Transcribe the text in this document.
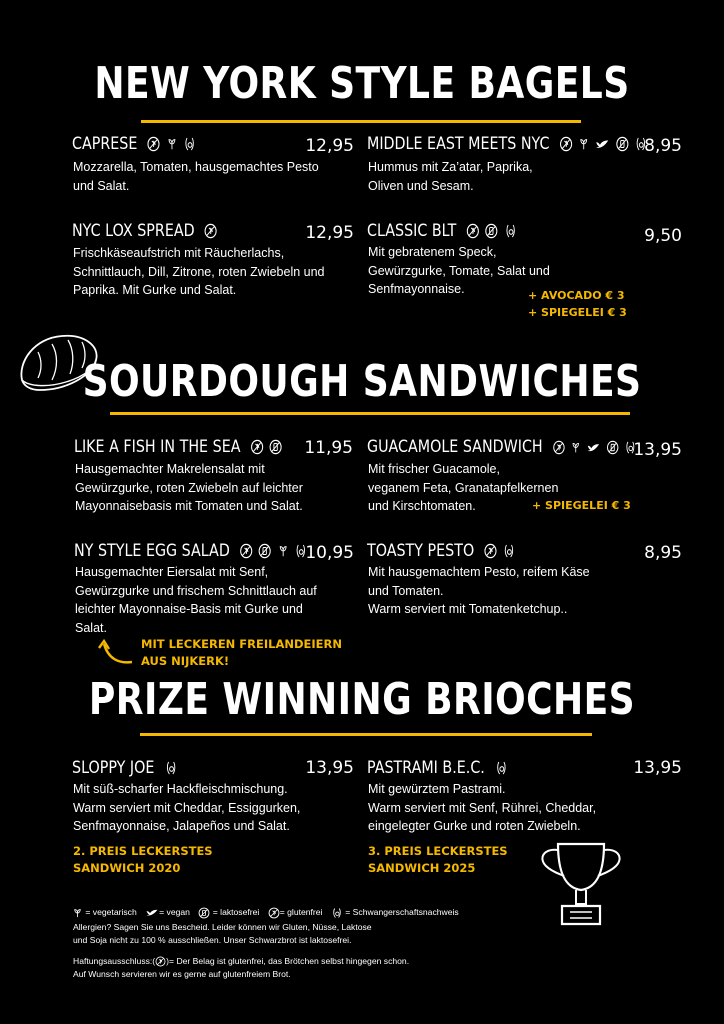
NEW YORK STYLE BAGELS
CAPRESE

	12,95
Mozzarella, Tomaten, hausgemachtes Pesto
und Salat.
MIDDLE EAST MEETS NYC

	8,95
Hummus mit Za’atar, Paprika,
Oliven und Sesam.
NYC LOX SPREAD	12,95
Frischkäseaufstrich mit Räucherlachs,
Schnittlauch, Dill, Zitrone, roten Zwiebeln und
Paprika. Mit Gurke und Salat.
CLASSIC BLT

	9,50
Mit gebratenem Speck,
Gewürzgurke, Tomate, Salat und
Senfmayonnaise.	+ AVOCADO € 3
+ SPIEGELEI € 3
SOURDOUGH SANDWICHES
LIKE A FISH IN THE SEA
	11,95
Hausgemachter Makrelensalat mit
Gewürzgurke, roten Zwiebeln auf leichter
Mayonnaisebasis mit Tomaten und Salat.
GUACAMOLE SANDWICH

	13,95
Mit frischer Guacamole,
veganem Feta, Granatapfelkernen
und Kirschtomaten.	+ SPIEGELEI € 3
NY STYLE EGG SALAD

	10,95
Hausgemachter Eiersalat mit Senf,
Gewürzgurke und frischem Schnittlauch auf
leichter Mayonnaise-Basis mit Gurke und
Salat.
MIT LECKEREN FREILANDEIERN
AUS NIJKERK!
TOASTY PESTO
	8,95
Mit hausgemachtem Pesto, reifem Käse
und Tomaten.
Warm serviert mit Tomatenketchup..
PRIZE WINNING BRIOCHES
SLOPPY JOE	13,95
Mit süß-scharfer Hackfleischmischung.
Warm serviert mit Cheddar, Essiggurken,
Senfmayonnaise, Jalapeños und Salat.
2. PREIS LECKERSTES
SANDWICH 2020
PASTRAMI B.E.C.	13,95
Mit gewürztem Pastrami.
Warm serviert mit Senf, Rührei, Cheddar,
eingelegter Gurke und roten Zwiebeln.
3. PREIS LECKERSTES
SANDWICH 2025
= vegetarisch	= vegan	= laktosefrei = glutenfrei	= Schwangerschaftsnachweis
Allergien? Sagen Sie uns Bescheid. Leider können wir Gluten, Nüsse, Laktose
und Soja nicht zu 100 % ausschließen. Unser Schwarzbrot ist laktosefrei.
Haftungsausschluss:( )= Der Belag ist glutenfrei, das Brötchen selbst hingegen schon.
Auf Wunsch servieren wir es gerne auf glutenfreiem Brot.
